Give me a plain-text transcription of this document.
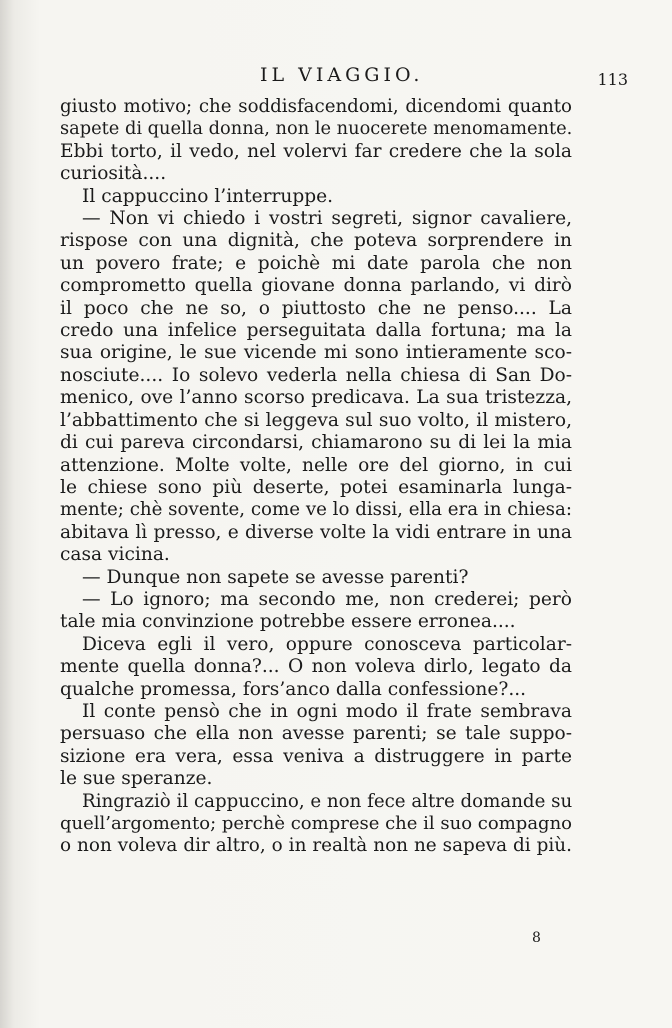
IL VIAGGIO.	113
giusto motivo; che soddisfacendomi, dicendomi quanto
sapete di quella donna, non le nuocerete menomamente.
Ebbi torto, il vedo, nel volervi far credere che la sola
curiosità....
Il cappuccino l’interruppe.
— Non vi chiedo i vostri segreti, signor cavaliere,
rispose con una dignità, che poteva sorprendere in
un povero frate; e poichè mi date parola che non
comprometto quella giovane donna parlando, vi dirò
il poco che ne so, o piuttosto che ne penso.... La
credo una infelice perseguitata dalla fortuna; ma la
sua origine, le sue vicende mi sono intieramente sco-
nosciute.... Io solevo vederla nella chiesa di San Do-
menico, ove l’anno scorso predicava. La sua tristezza,
l’abbattimento che si leggeva sul suo volto, il mistero,
di cui pareva circondarsi, chiamarono su di lei la mia
attenzione. Molte volte, nelle ore del giorno, in cui
le chiese sono più deserte, potei esaminarla lunga-
mente; chè sovente, come ve lo dissi, ella era in chiesa:
abitava lì presso, e diverse volte la vidi entrare in una
casa vicina.
— Dunque non sapete se avesse parenti?
— Lo ignoro; ma secondo me, non crederei; però
tale mia convinzione potrebbe essere erronea....
Diceva egli il vero, oppure conosceva particolar-
mente quella donna?... O non voleva dirlo, legato da
qualche promessa, fors’anco dalla confessione?...
Il conte pensò che in ogni modo il frate sembrava
persuaso che ella non avesse parenti; se tale suppo-
sizione era vera, essa veniva a distruggere in parte
le sue speranze.
Ringraziò il cappuccino, e non fece altre domande su
quell’argomento; perchè comprese che il suo compagno
o non voleva dir altro, o in realtà non ne sapeva di più.
8
